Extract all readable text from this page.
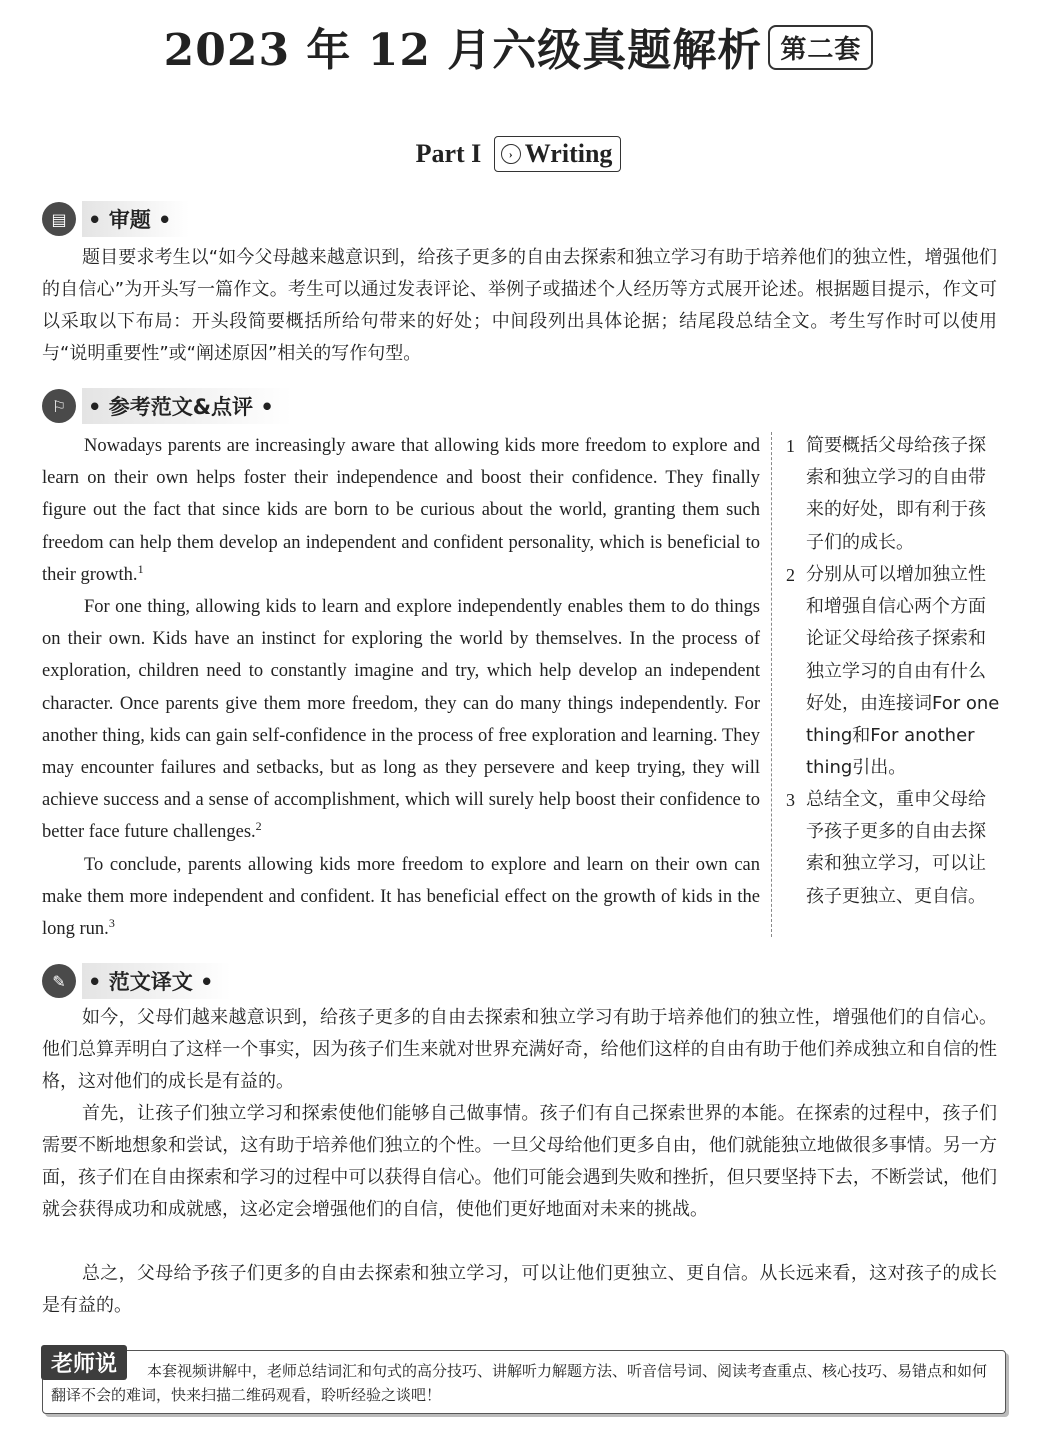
2023 年 12 月六级真题解析 第二套
Part I › Writing
▤	• 审题 •

题目要求考生以“如今父母越来越意识到，给孩子更多的自由去探索和独立学习有助于培养他们的独立性，增强他们的自信心”为开头写一篇作文。考生可以通过发表评论、举例子或描述个人经历等方式展开论述。根据题目提示，作文可以采取以下布局：开头段简要概括所给句带来的好处；中间段列出具体论据；结尾段总结全文。考生写作时可以使用与“说明重要性”或“阐述原因”相关的写作句型。

⚐	• 参考范文&点评 •

Nowadays parents are increasingly aware that allowing kids more freedom to explore and learn on their own helps foster their independence and boost their confidence. They finally figure out the fact that since kids are born to be curious about the world, granting them such freedom can help them develop an independent and confident personality, which is beneficial to their growth.$^1$

For one thing, allowing kids to learn and explore independently enables them to do things on their own. Kids have an instinct for exploring the world by themselves. In the process of exploration, children need to constantly imagine and try, which help develop an independent character. Once parents give them more freedom, they can do many things independently. For another thing, kids can gain self-confidence in the process of free exploration and learning. They may encounter failures and setbacks, but as long as they persevere and keep trying, they will achieve success and a sense of accomplishment, which will surely help boost their confidence to better face future challenges.$^2$

To conclude, parents allowing kids more freedom to explore and learn on their own can make them more independent and confident. It has beneficial effect on the growth of kids in the long run.$^3$

1 简要概括父母给孩子探索和独立学习的自由带来的好处，即有利于孩子们的成长。
2 分别从可以增加独立性和增强自信心两个方面论证父母给孩子探索和独立学习的自由有什么好处，由连接词For one thing和For another thing引出。
3 总结全文，重申父母给予孩子更多的自由去探索和独立学习，可以让孩子更独立、更自信。
✎	• 范文译文 •

如今，父母们越来越意识到，给孩子更多的自由去探索和独立学习有助于培养他们的独立性，增强他们的自信心。他们总算弄明白了这样一个事实，因为孩子们生来就对世界充满好奇，给他们这样的自由有助于他们养成独立和自信的性格，这对他们的成长是有益的。

首先，让孩子们独立学习和探索使他们能够自己做事情。孩子们有自己探索世界的本能。在探索的过程中，孩子们需要不断地想象和尝试，这有助于培养他们独立的个性。一旦父母给他们更多自由，他们就能独立地做很多事情。另一方面，孩子们在自由探索和学习的过程中可以获得自信心。他们可能会遇到失败和挫折，但只要坚持下去，不断尝试，他们就会获得成功和成就感，这必定会增强他们的自信，使他们更好地面对未来的挑战。

总之，父母给予孩子们更多的自由去探索和独立学习，可以让他们更独立、更自信。从长远来看，这对孩子的成长是有益的。

老师说	本套视频讲解中，老师总结词汇和句式的高分技巧、讲解听力解题方法、听音信号词、阅读考查重点、核心技巧、易错点和如何翻译不会的难词，快来扫描二维码观看，聆听经验之谈吧！
